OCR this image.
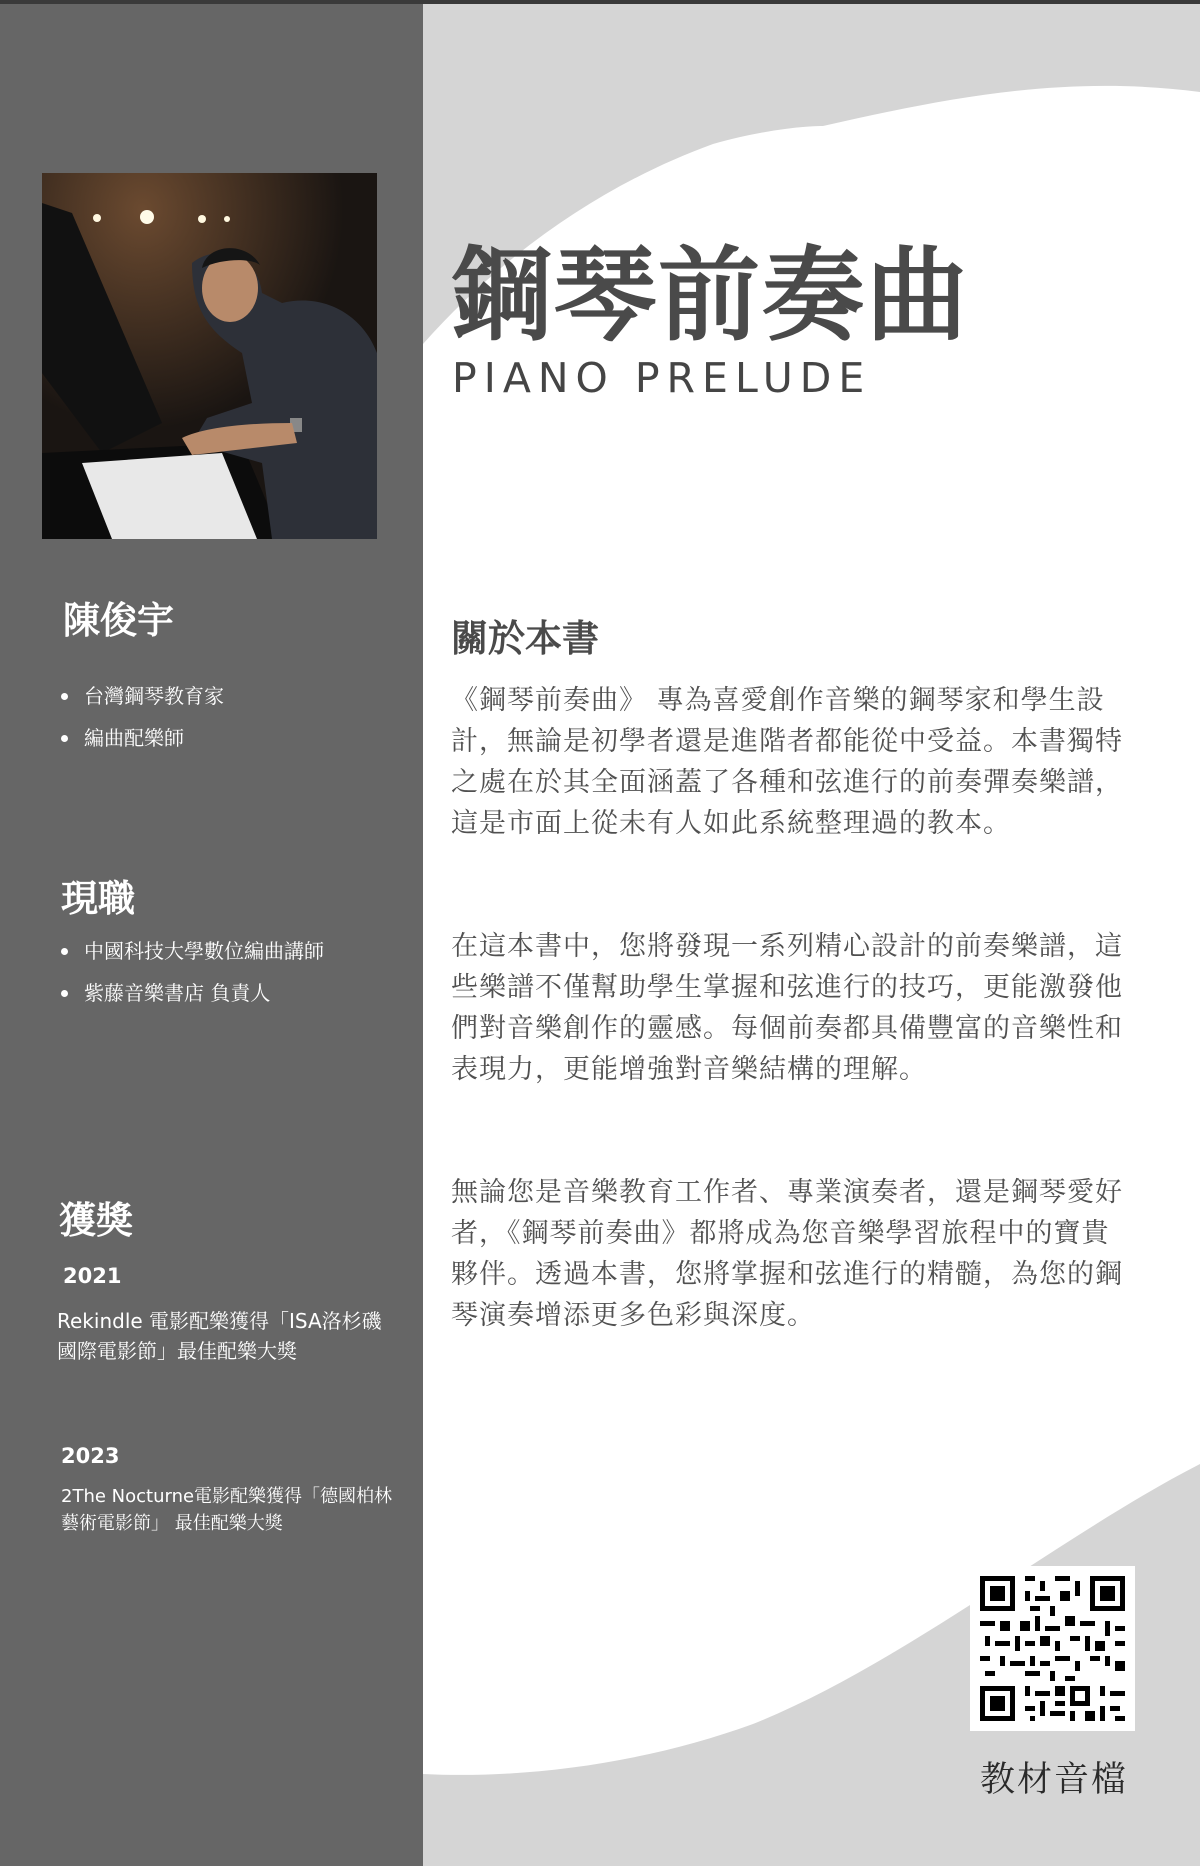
陳俊宇
台灣鋼琴教育家
編曲配樂師
現職
中國科技大學數位編曲講師
紫藤音樂書店 負責人
獲獎
2021
Rekindle 電影配樂獲得「ISA洛杉磯國際電影節」最佳配樂大獎
2023
2The Nocturne電影配樂獲得「德國柏林藝術電影節」 最佳配樂大獎
鋼琴前奏曲
PIANO PRELUDE
關於本書

《鋼琴前奏曲》 專為喜愛創作音樂的鋼琴家和學生設計，無論是初學者還是進階者都能從中受益。本書獨特之處在於其全面涵蓋了各種和弦進行的前奏彈奏樂譜，這是市面上從未有人如此系統整理過的教本。

在這本書中，您將發現一系列精心設計的前奏樂譜，這些樂譜不僅幫助學生掌握和弦進行的技巧，更能激發他們對音樂創作的靈感。每個前奏都具備豐富的音樂性和表現力，更能增強對音樂結構的理解。

無論您是音樂教育工作者、專業演奏者，還是鋼琴愛好者，《鋼琴前奏曲》都將成為您音樂學習旅程中的寶貴夥伴。透過本書，您將掌握和弦進行的精髓，為您的鋼琴演奏增添更多色彩與深度。

教材音檔
